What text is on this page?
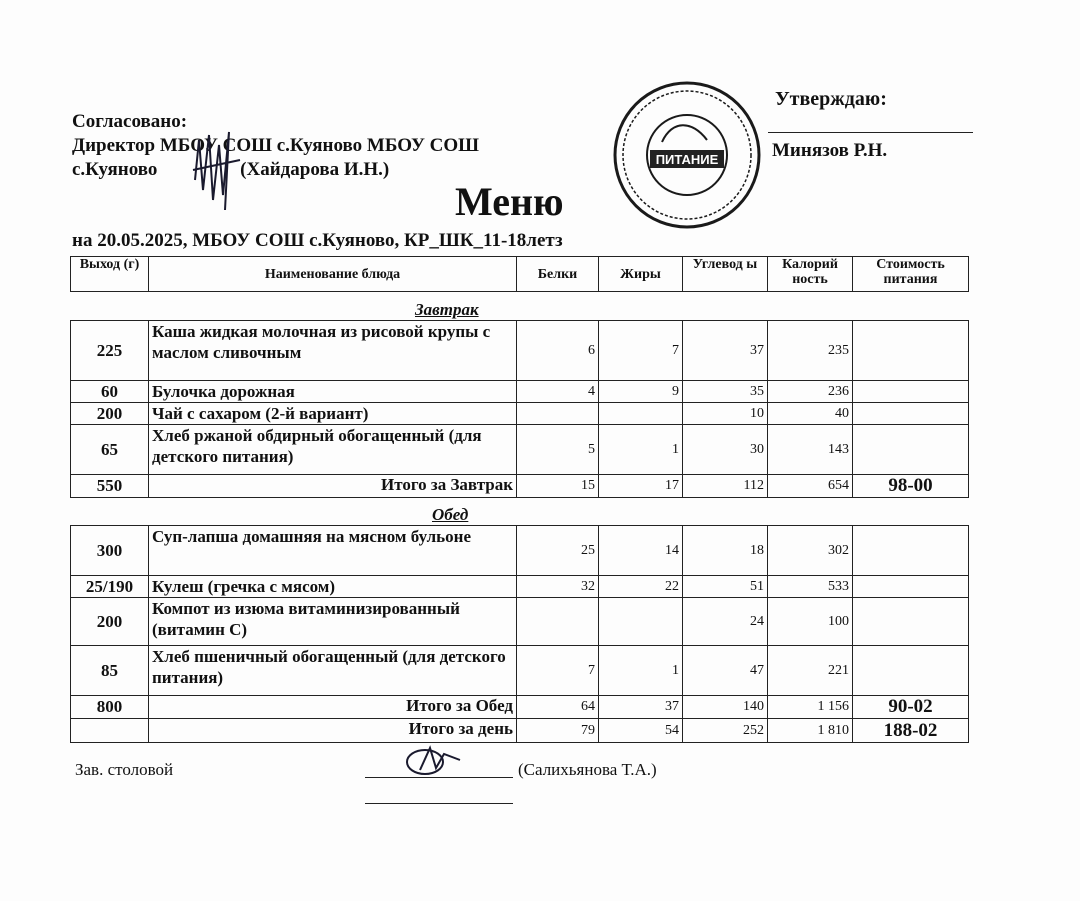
Согласовано:
Директор МБОУ СОШ с.Куяново МБОУ СОШ
с.Куяново	(Хайдарова И.Н.)
Утверждаю:
Минязов Р.Н.
ПИТАНИЕ
Меню
на 20.05.2025, МБОУ СОШ с.Куяново, КР_ШК_11-18летз
Выход (г)	Наименование блюда	Белки	Жиры	Углевод ы	Калорий ность	Стоимость питания
Завтрак
225	Каша жидкая молочная из рисовой крупы с маслом сливочным	6	7	37	235	
60	Булочка дорожная	4	9	35	236	
200	Чай с сахаром (2-й вариант)			10	40	
65	Хлеб ржаной обдирный обогащенный (для детского питания)	5	1	30	143	
550	Итого за Завтрак	15	17	112	654	98-00
Обед
300	Суп-лапша домашняя на мясном бульоне	25	14	18	302	
25/190	Кулеш (гречка с мясом)	32	22	51	533	
200	Компот из изюма витаминизированный (витамин С)			24	100	
85	Хлеб пшеничный обогащенный (для детского питания)	7	1	47	221	
800	Итого за Обед	64	37	140	1 156	90-02
	Итого за день	79	54	252	1 810	188-02
Зав. столовой	(Салихьянова Т.А.)
